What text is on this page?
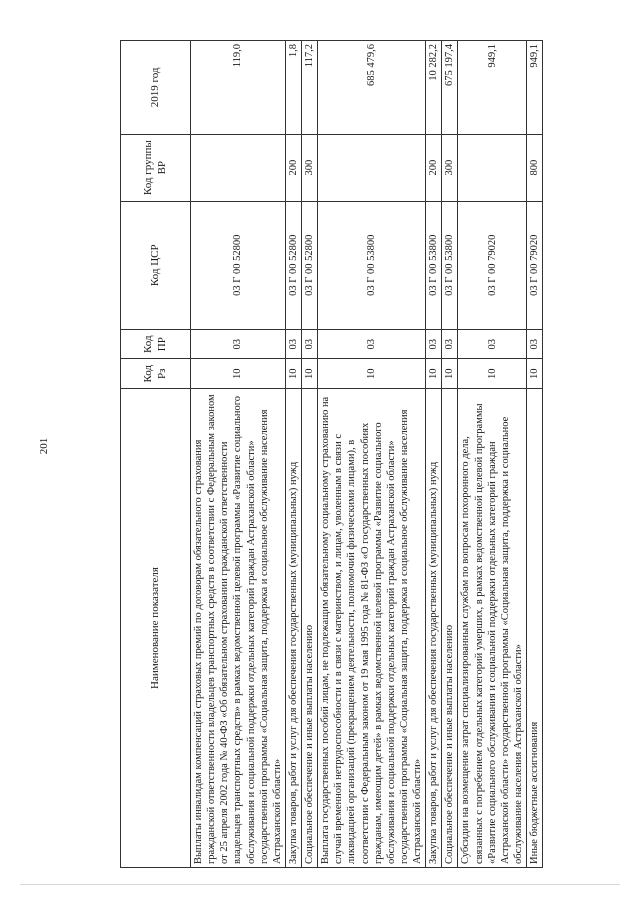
201
Наименование показателя	Код Рз	Код ПР	Код ЦСР	Код группы ВР	2019 год
Выплаты инвалидам компенсаций страховых премий по договорам обязательного страхования гражданской ответственности владельцев транспортных средств в соответствии с Федеральным законом от 25 апреля 2002 года № 40-ФЗ «Об обязательном страховании гражданской ответственности владельцев транспортных средств» в рамках ведомственной целевой программы «Развитие социального обслуживания и социальной поддержки отдельных категорий граждан Астраханской области» государственной программы «Социальная защита, поддержка и социальное обслуживание населения Астраханской области»	10	03	03 Г 00 52800		119,0
Закупка товаров, работ и услуг для обеспечения государственных (муниципальных) нужд	10	03	03 Г 00 52800	200	1,8
Социальное обеспечение и иные выплаты населению	10	03	03 Г 00 52800	300	117,2
Выплата государственных пособий лицам, не подлежащим обязательному социальному страхованию на случай временной нетрудоспособности и в связи с материнством, и лицам, уволенным в связи с ликвидацией организаций (прекращением деятельности, полномочий физическими лицами), в соответствии с Федеральным законом от 19 мая 1995 года № 81-ФЗ «О государственных пособиях гражданам, имеющим детей» в рамках ведомственной целевой программы «Развитие социального обслуживания и социальной поддержки отдельных категорий граждан Астраханской области» государственной программы «Социальная защита, поддержка и социальное обслуживание населения Астраханской области»	10	03	03 Г 00 53800		685 479,6
Закупка товаров, работ и услуг для обеспечения государственных (муниципальных) нужд	10	03	03 Г 00 53800	200	10 282,2
Социальное обеспечение и иные выплаты населению	10	03	03 Г 00 53800	300	675 197,4
Субсидии на возмещение затрат специализированным службам по вопросам похоронного дела, связанных с погребением отдельных категорий умерших, в рамках ведомственной целевой программы «Развитие социального обслуживания и социальной поддержки отдельных категорий граждан Астраханской области» государственной программы «Социальная защита, поддержка и социальное обслуживание населения Астраханской области»	10	03	03 Г 00 79020		949,1
Иные бюджетные ассигнования	10	03	03 Г 00 79020	800	949,1
